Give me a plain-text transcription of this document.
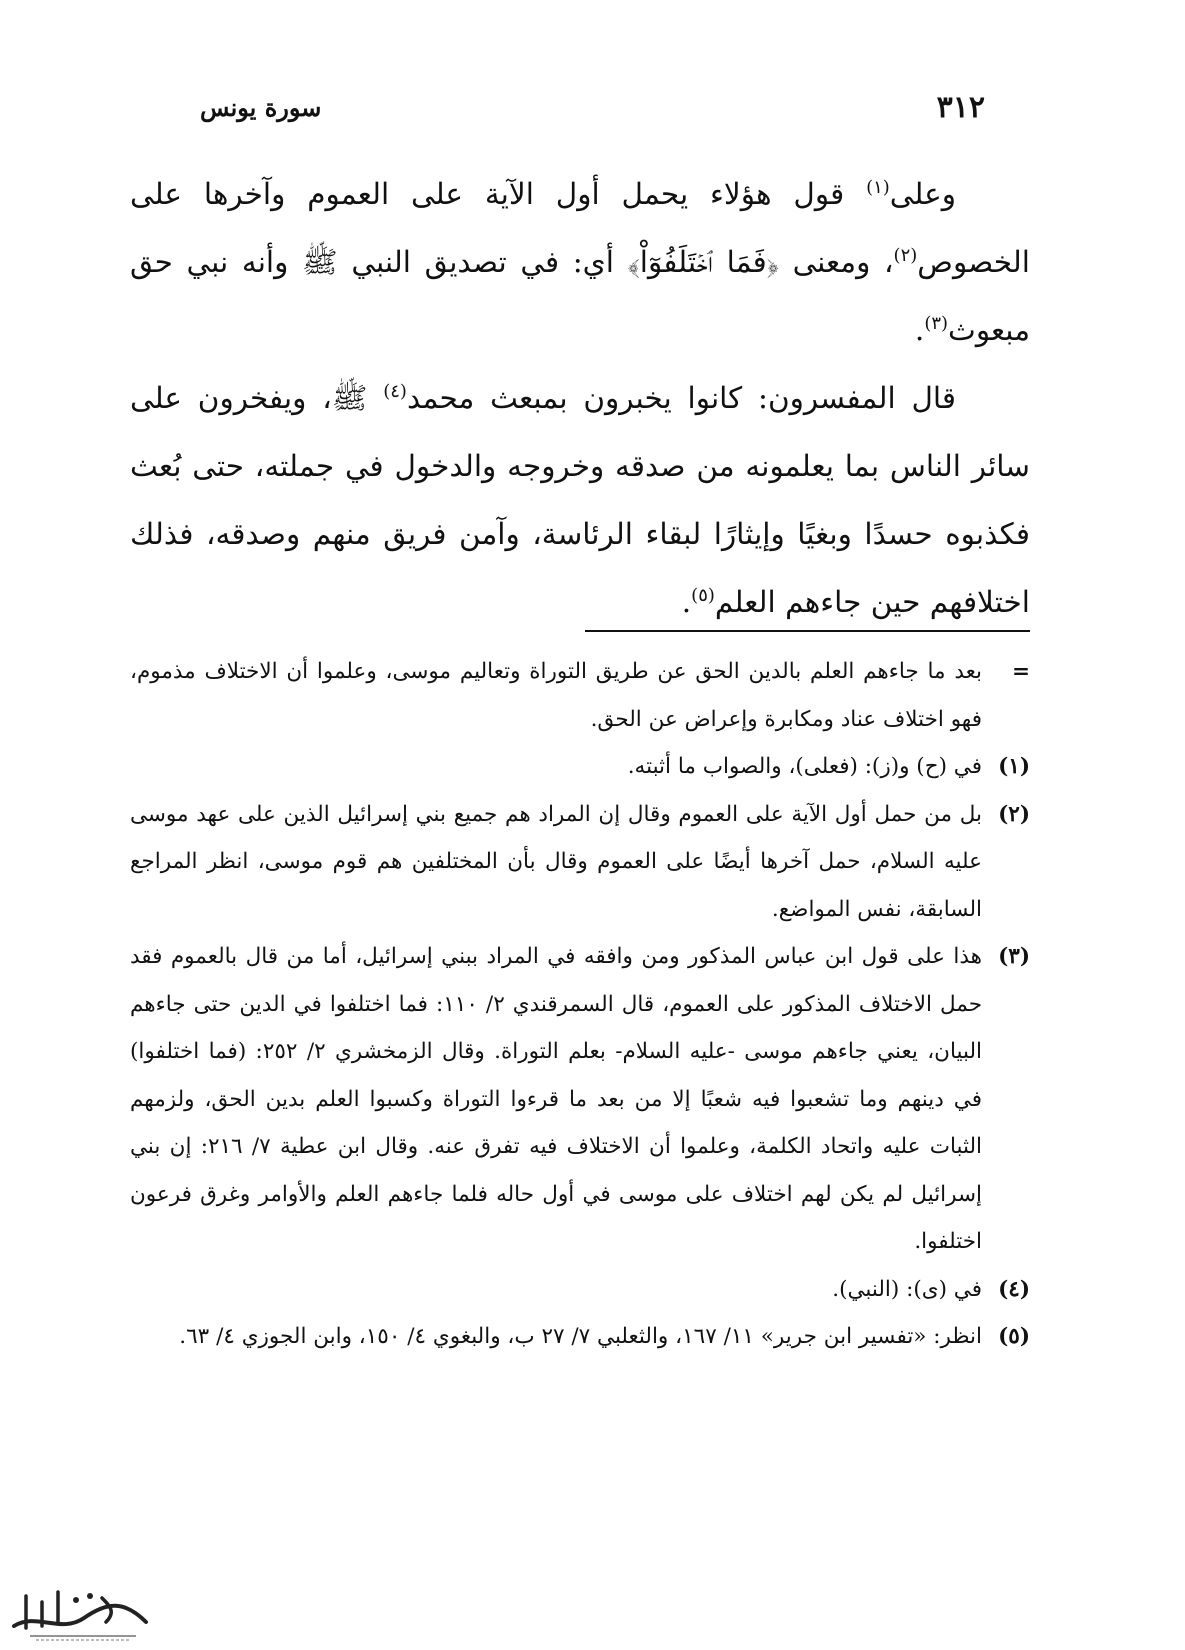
٣١٢
سورة يونس

وعلى$^{(١)}$ قول هؤلاء يحمل أول الآية على العموم وآخرها على الخصوص$^{(٢)}$، ومعنى ﴿فَمَا ٱخۡتَلَفُوٓاْ﴾ أي: في تصديق النبي ﷺ وأنه نبي حق مبعوث$^{(٣)}$.

قال المفسرون: كانوا يخبرون بمبعث محمد$^{(٤)}$ ﷺ، ويفخرون على سائر الناس بما يعلمونه من صدقه وخروجه والدخول في جملته، حتى بُعث فكذبوه حسدًا وبغيًا وإيثارًا لبقاء الرئاسة، وآمن فريق منهم وصدقه، فذلك اختلافهم حين جاءهم العلم$^{(٥)}$.

=
بعد ما جاءهم العلم بالدين الحق عن طريق التوراة وتعاليم موسى، وعلموا أن الاختلاف مذموم، فهو اختلاف عناد ومكابرة وإعراض عن الحق.
(١)
في (ح) و(ز): (فعلى)، والصواب ما أثبته.
(٢)
بل من حمل أول الآية على العموم وقال إن المراد هم جميع بني إسرائيل الذين على عهد موسى عليه السلام، حمل آخرها أيضًا على العموم وقال بأن المختلفين هم قوم موسى، انظر المراجع السابقة، نفس المواضع.
(٣)
هذا على قول ابن عباس المذكور ومن وافقه في المراد ببني إسرائيل، أما من قال بالعموم فقد حمل الاختلاف المذكور على العموم، قال السمرقندي ٢/ ١١٠: فما اختلفوا في الدين حتى جاءهم البيان، يعني جاءهم موسى -عليه السلام- بعلم التوراة. وقال الزمخشري ٢/ ٢٥٢: (فما اختلفوا) في دينهم وما تشعبوا فيه شعبًا إلا من بعد ما قرءوا التوراة وكسبوا العلم بدين الحق، ولزمهم الثبات عليه واتحاد الكلمة، وعلموا أن الاختلاف فيه تفرق عنه. وقال ابن عطية ٧/ ٢١٦: إن بني إسرائيل لم يكن لهم اختلاف على موسى في أول حاله فلما جاءهم العلم والأوامر وغرق فرعون اختلفوا.
(٤)
في (ى): (النبي).
(٥)
انظر: «تفسير ابن جرير» ١١/ ١٦٧، والثعلبي ٧/ ٢٧ ب، والبغوي ٤/ ١٥٠، وابن الجوزي ٤/ ٦٣.
